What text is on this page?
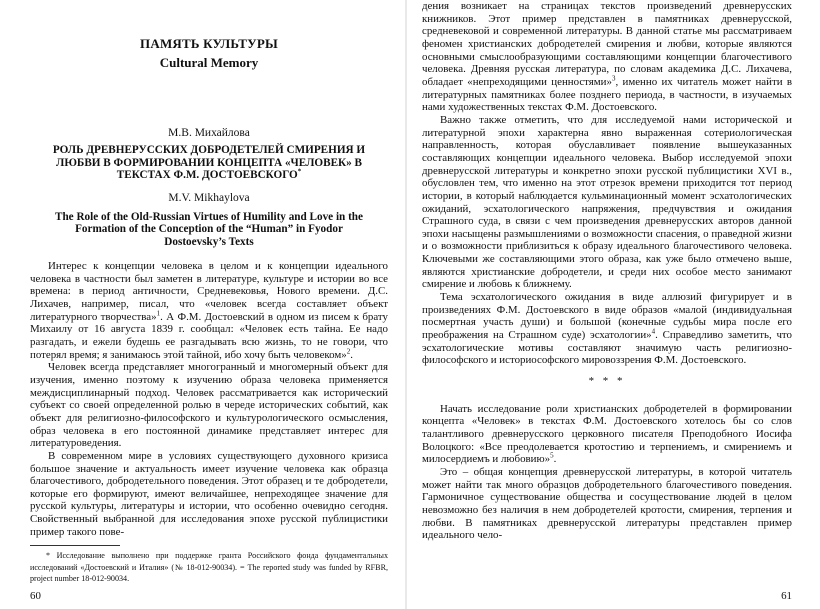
ПАМЯТЬ КУЛЬТУРЫ
Cultural Memory
М.В. Михайлова
РОЛЬ ДРЕВНЕРУССКИХ ДОБРОДЕТЕЛЕЙ СМИРЕНИЯ И ЛЮБВИ В ФОРМИРОВАНИИ КОНЦЕПТА «ЧЕЛОВЕК» В ТЕКСТАХ Ф.М. ДОСТОЕВСКОГО*
M.V. Mikhaylova
The Role of the Old-Russian Virtues of Humility and Love in the Formation of the Conception of the “Human” in Fyodor Dostoevsky’s Texts

Интерес к концепции человека в целом и к концепции идеального человека в частности был заметен в литературе, культуре и истории во все времена: в период античности, Средневековья, Нового времени. Д.С. Лихачев, например, писал, что «человек всегда составляет объект литературного творчества»$^1$. А Ф.М. Достоевский в одном из писем к брату Михаилу от 16 августа 1839 г. сообщал: «Человек есть тайна. Ее надо разгадать, и ежели будешь ее разгадывать всю жизнь, то не говори, что потерял время; я занимаюсь этой тайной, ибо хочу быть человеком»$^2$.

Человек всегда представляет многогранный и многомерный объект для изучения, именно поэтому к изучению образа человека применяется междисциплинарный подход. Человек рассматривается как исторический субъект со своей определенной ролью в череде исторических событий, как объект для религиозно-философского и культурологического осмысления, образ человека в его постоянной динамике представляет интерес для литературоведения.

В современном мире в условиях существующего духовного кризиса большое значение и актуальность имеет изучение человека как образца благочестивого, добродетельного поведения. Этот образец и те добродетели, которые его формируют, имеют величайшее, непреходящее значение для русской культуры, литературы и истории, что особенно очевидно сегодня. Свойственный выбранной для исследования эпохе русской публицистики пример такого пове-

* Исследование выполнено при поддержке гранта Российского фонда фундаментальных исследований «Достоевский и Италия» (№ 18-012-90034). = The reported study was funded by RFBR, project number 18-012-90034.

60

дения возникает на страницах текстов произведений древнерусских книжников. Этот пример представлен в памятниках древнерусской, средневековой и современной литературы. В данной статье мы рассматриваем феномен христианских добродетелей смирения и любви, которые являются основными смыслообразующими составляющими концепции благочестивого человека. Древняя русская литература, по словам академика Д.С. Лихачева, обладает «непреходящими ценностями»$^3$, именно их читатель может найти в литературных памятниках более позднего периода, в частности, в изучаемых нами художественных текстах Ф.М. Достоевского.

Важно также отметить, что для исследуемой нами исторической и литературной эпохи характерна явно выраженная сотериологическая направленность, которая обуславливает появление вышеуказанных составляющих концепции идеального человека. Выбор исследуемой эпохи древнерусской литературы и конкретно эпохи русской публицистики XVI в., обусловлен тем, что именно на этот отрезок времени приходится тот период истории, в который наблюдается кульминационный момент эсхатологических ожиданий, эсхатологического напряжения, предчувствия и ожидания Страшного суда, в связи с чем произведения древнерусских авторов данной эпохи насыщены размышлениями о возможности спасения, о праведной жизни и о возможности приблизиться к образу идеального благочестивого человека. Ключевыми же составляющими этого образа, как уже было отмечено выше, являются христианские добродетели, и среди них особое место занимают смирение и любовь к ближнему.

Тема эсхатологического ожидания в виде аллюзий фигурирует и в произведениях Ф.М. Достоевского в виде образов «малой (индивидуальная посмертная участь души) и большой (конечные судьбы мира после его преображения на Страшном суде) эсхатологии»$^4$. Справедливо заметить, что эсхатологические мотивы составляют значимую часть религиозно-философского и историософского мировоззрения Ф.М. Достоевского.

* * *

Начать исследование роли христианских добродетелей в формировании концепта «Человек» в текстах Ф.М. Достоевского хотелось бы со слов талантливого древнерусского церковного писателя Преподобного Иосифа Волоцкого: «Все преодолевается кротостию и терпениемъ, и смирениемъ и милосердиемъ и любовию»$^5$.

Это – общая концепция древнерусской литературы, в которой читатель может найти так много образцов добродетельного благочестивого поведения. Гармоничное существование общества и сосуществование людей в целом невозможно без наличия в нем добродетелей кротости, смирения, терпения и любви. В памятниках древнерусской литературы представлен пример идеального чело-

61
